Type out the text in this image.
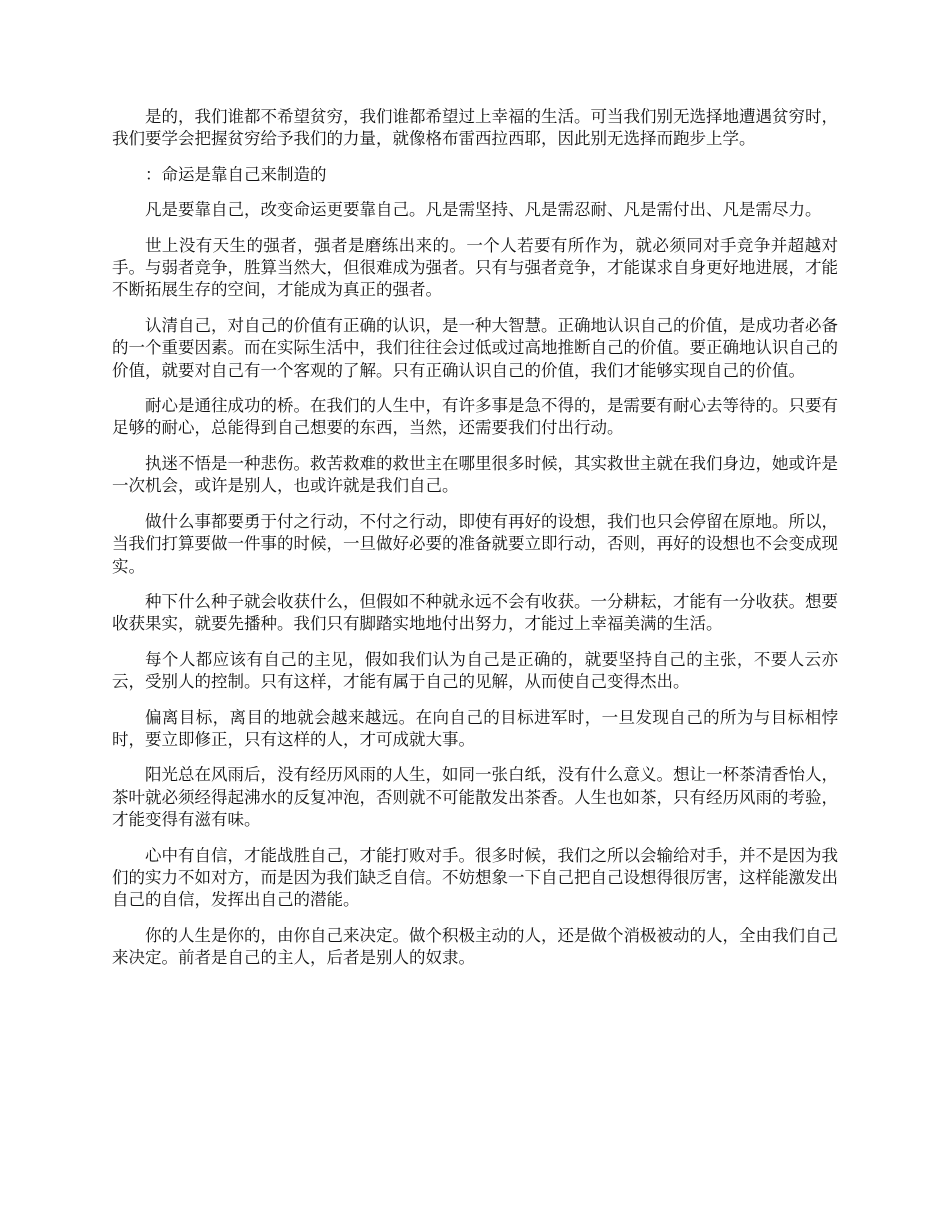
是的，我们谁都不希望贫穷，我们谁都希望过上幸福的生活。可当我们别无选择地遭遇贫穷时，我们要学会把握贫穷给予我们的力量，就像格布雷西拉西耶，因此别无选择而跑步上学。

：命运是靠自己来制造的

凡是要靠自己，改变命运更要靠自己。凡是需坚持、凡是需忍耐、凡是需付出、凡是需尽力。

世上没有天生的强者，强者是磨练出来的。一个人若要有所作为，就必须同对手竞争并超越对手。与弱者竞争，胜算当然大，但很难成为强者。只有与强者竞争，才能谋求自身更好地进展，才能不断拓展生存的空间，才能成为真正的强者。

认清自己，对自己的价值有正确的认识，是一种大智慧。正确地认识自己的价值，是成功者必备的一个重要因素。而在实际生活中，我们往往会过低或过高地推断自己的价值。要正确地认识自己的价值，就要对自己有一个客观的了解。只有正确认识自己的价值，我们才能够实现自己的价值。

耐心是通往成功的桥。在我们的人生中，有许多事是急不得的，是需要有耐心去等待的。只要有足够的耐心，总能得到自己想要的东西，当然，还需要我们付出行动。

执迷不悟是一种悲伤。救苦救难的救世主在哪里很多时候，其实救世主就在我们身边，她或许是一次机会，或许是别人，也或许就是我们自己。

做什么事都要勇于付之行动，不付之行动，即使有再好的设想，我们也只会停留在原地。所以，当我们打算要做一件事的时候，一旦做好必要的准备就要立即行动，否则，再好的设想也不会变成现实。

种下什么种子就会收获什么，但假如不种就永远不会有收获。一分耕耘，才能有一分收获。想要收获果实，就要先播种。我们只有脚踏实地地付出努力，才能过上幸福美满的生活。

每个人都应该有自己的主见，假如我们认为自己是正确的，就要坚持自己的主张，不要人云亦云，受别人的控制。只有这样，才能有属于自己的见解，从而使自己变得杰出。

偏离目标，离目的地就会越来越远。在向自己的目标进军时，一旦发现自己的所为与目标相悖时，要立即修正，只有这样的人，才可成就大事。

阳光总在风雨后，没有经历风雨的人生，如同一张白纸，没有什么意义。想让一杯茶清香怡人，茶叶就必须经得起沸水的反复冲泡，否则就不可能散发出茶香。人生也如茶，只有经历风雨的考验，才能变得有滋有味。

心中有自信，才能战胜自己，才能打败对手。很多时候，我们之所以会输给对手，并不是因为我们的实力不如对方，而是因为我们缺乏自信。不妨想象一下自己把自己设想得很厉害，这样能激发出自己的自信，发挥出自己的潜能。

你的人生是你的，由你自己来决定。做个积极主动的人，还是做个消极被动的人，全由我们自己来决定。前者是自己的主人，后者是别人的奴隶。
